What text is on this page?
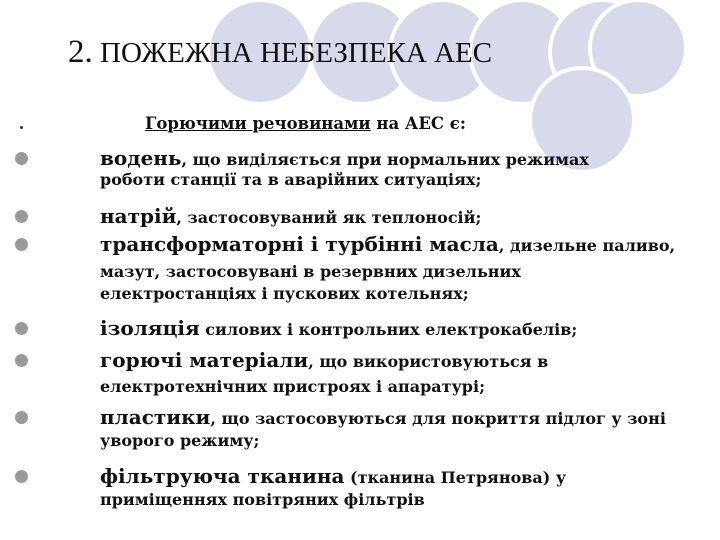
2. ПОЖЕЖНА НЕБЕЗПЕКА АЕС
Горючими речовинами на АЕС є:
водень, що виділяється при нормальних режимах
роботи станції та в аварійних ситуаціях;
натрій, застосовуваний як теплоносій;
трансформаторні і турбінні масла, дизельне паливо,
мазут, застосовувані в резервних дизельних
електростанціях і пускових котельнях;
ізоляція силових і контрольних електрокабелів;
горючі матеріали, що використовуються в
електротехнічних пристроях і апаратурі;
пластики, що застосовуються для покриття підлог у зоні
уворого режиму;
фільтруюча тканина (тканина Петрянова) у
приміщеннях повітряних фільтрів
